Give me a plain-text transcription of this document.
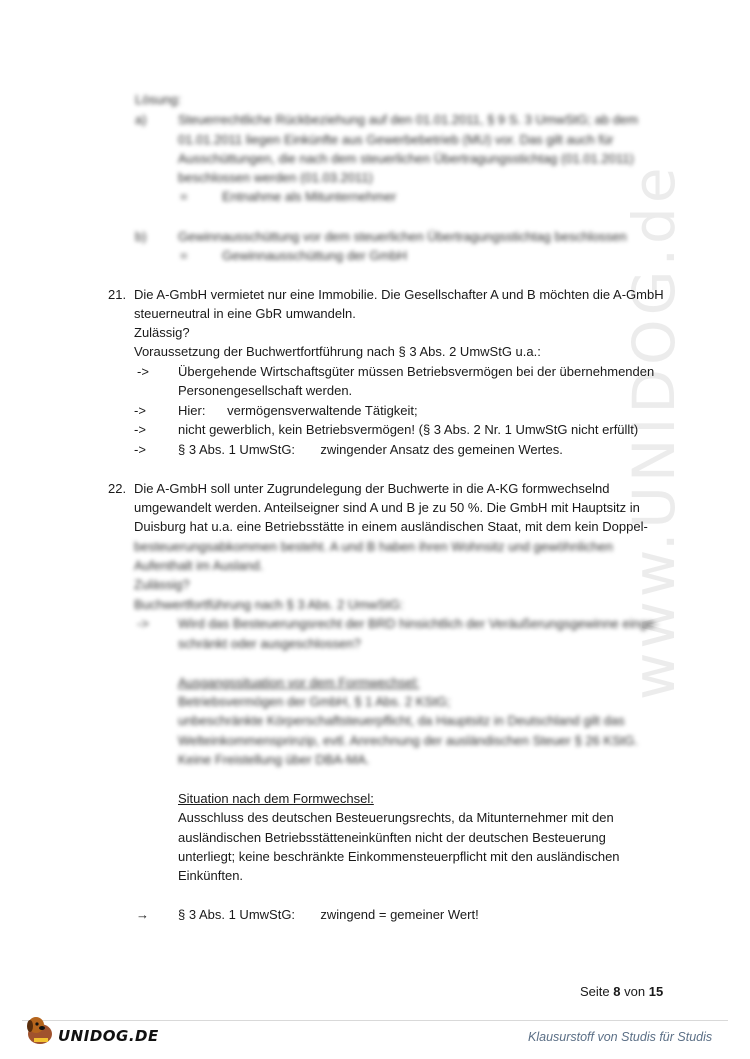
www.UNIDOG.de
Lösung:
a) Steuerrechtliche Rückbeziehung auf den 01.01.2011, § 9 S. 3 UmwStG; ab dem
01.01.2011 liegen Einkünfte aus Gewerbebetrieb (MU) vor. Das gilt auch für
Ausschüttungen, die nach dem steuerlichen Übertragungsstichtag (01.01.2011)
beschlossen werden (01.03.2011)
=	Entnahme als Mitunternehmer
b) Gewinnausschüttung vor dem steuerlichen Übertragungsstichtag beschlossen
=	Gewinnausschüttung der GmbH
21. Die A-GmbH vermietet nur eine Immobilie. Die Gesellschafter A und B möchten die A-GmbH
steuerneutral in eine GbR umwandeln.
Zulässig?
Voraussetzung der Buchwertfortführung nach § 3 Abs. 2 UmwStG u.a.:
-> Übergehende Wirtschaftsgüter müssen Betriebsvermögen bei der übernehmenden
Personengesellschaft werden.
-> Hier:      vermögensverwaltende Tätigkeit;
-> nicht gewerblich, kein Betriebsvermögen! (§ 3 Abs. 2 Nr. 1 UmwStG nicht erfüllt)
-> § 3 Abs. 1 UmwStG:       zwingender Ansatz des gemeinen Wertes.
22. Die A-GmbH soll unter Zugrundelegung der Buchwerte in die A-KG formwechselnd
umgewandelt werden. Anteilseigner sind A und B je zu 50 %. Die GmbH mit Hauptsitz in
Duisburg hat u.a. eine Betriebsstätte in einem ausländischen Staat, mit dem kein Doppel-
besteuerungsabkommen besteht. A und B haben ihren Wohnsitz und gewöhnlichen
Aufenthalt im Ausland.
Zulässig?
Buchwertfortführung nach § 3 Abs. 2 UmwStG:
-> Wird das Besteuerungsrecht der BRD hinsichtlich der Veräußerungsgewinne einge-
schränkt oder ausgeschlossen?
Ausgangssituation vor dem Formwechsel:
Betriebsvermögen der GmbH, § 1 Abs. 2 KStG;
unbeschränkte Körperschaftsteuerpflicht, da Hauptsitz in Deutschland gilt das
Welteinkommensprinzip, evtl. Anrechnung der ausländischen Steuer § 26 KStG.
Keine Freistellung über DBA-MA.
Situation nach dem Formwechsel:
Ausschluss des deutschen Besteuerungsrechts, da Mitunternehmer mit den
ausländischen Betriebsstätteneinkünften nicht der deutschen Besteuerung
unterliegt; keine beschränkte Einkommensteuerpflicht mit den ausländischen
Einkünften.
→ § 3 Abs. 1 UmwStG:       zwingend = gemeiner Wert!
Seite 8 von 15
UNIDOG.DE	Klausurstoff von Studis für Studis
